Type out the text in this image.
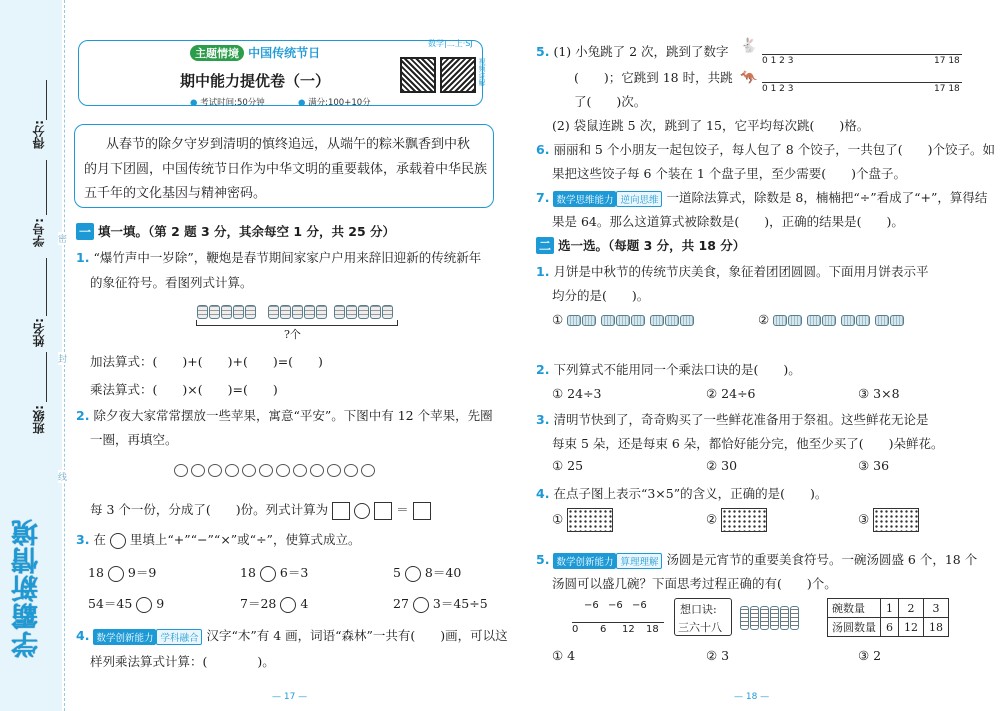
得分:
学号:
姓名:
班级:
密
封
线
学霸新情境
主题情境 中国传统节日
数学|二上·SJ
期中能力提优卷（一）	视频讲解
● 考试时间:50分钟	● 满分:100+10分
从春节的除夕守岁到清明的慎终追远，从端午的粽米飘香到中秋
的月下团圆，中国传统节日作为中华文明的重要载体，承载着中华民族
五千年的文化基因与精神密码。
一 填一填。（第 2 题 3 分，其余每空 1 分，共 25 分）
1. “爆竹声中一岁除”，鞭炮是春节期间家家户户用来辞旧迎新的传统新年
的象征符号。看图列式计算。
?个
加法算式：(　　)+(　　)+(　　)=(　　)
乘法算式：(　　)×(　　)=(　　)
2. 除夕夜大家常常摆放一些苹果，寓意“平安”。下图中有 12 个苹果，先圈
一圈，再填空。
每 3 个一份，分成了(　　)份。列式计算为	＝
3. 在 里填上“+”“−”“×”或“÷”，使算式成立。
18 9＝9	18 6＝3	5 8＝40
54＝45 9	7＝28 4	27 3＝45÷5
4. 数学创新能力 学科融合 汉字“木”有 4 画，词语“森林”一共有(　　)画，可以这
样列乘法算式计算：(　　　　)。
— 17 —
5. (1) 小兔跳了 2 次，跳到了数字
(　　)；它跳到 18 时，共跳
了(　　)次。
🐇
0 1 2 3	17 18
🦘
0 1 2 3	17 18
(2) 袋鼠连跳 5 次，跳到了 15，它平均每次跳(　　)格。
6. 丽丽和 5 个小朋友一起包饺子，每人包了 8 个饺子，一共包了(　　)个饺子。如
果把这些饺子每 6 个装在 1 个盘子里，至少需要(　　)个盘子。
7. 数学思维能力 逆向思维 一道除法算式，除数是 8，楠楠把“÷”看成了“+”，算得结
果是 64。那么这道算式被除数是(　　)，正确的结果是(　　)。
二 选一选。（每题 3 分，共 18 分）
1. 月饼是中秋节的传统节庆美食，象征着团团圆圆。下面用月饼表示平
均分的是(　　)。
①	②
2. 下列算式不能用同一个乘法口诀的是(　　)。
① 24÷3	② 24÷6	③ 3×8
3. 清明节快到了，奇奇购买了一些鲜花准备用于祭祖。这些鲜花无论是
每束 5 朵，还是每束 6 朵，都恰好能分完，他至少买了(　　)朵鲜花。
① 25	② 30	③ 36
4. 在点子图上表示“3×5”的含义，正确的是(　　)。
①	②	③
5. 数学创新能力 算理理解 汤圆是元宵节的重要美食符号。一碗汤圆盛 6 个，18 个
汤圆可以盛几碗？下面思考过程正确的有(　　)个。
0 6 12 18
−6 −6 −6	想口诀:
三六十八
碗数量	1	2	3
汤圆数量	6	12	18
① 4	② 3	③ 2
— 18 —
